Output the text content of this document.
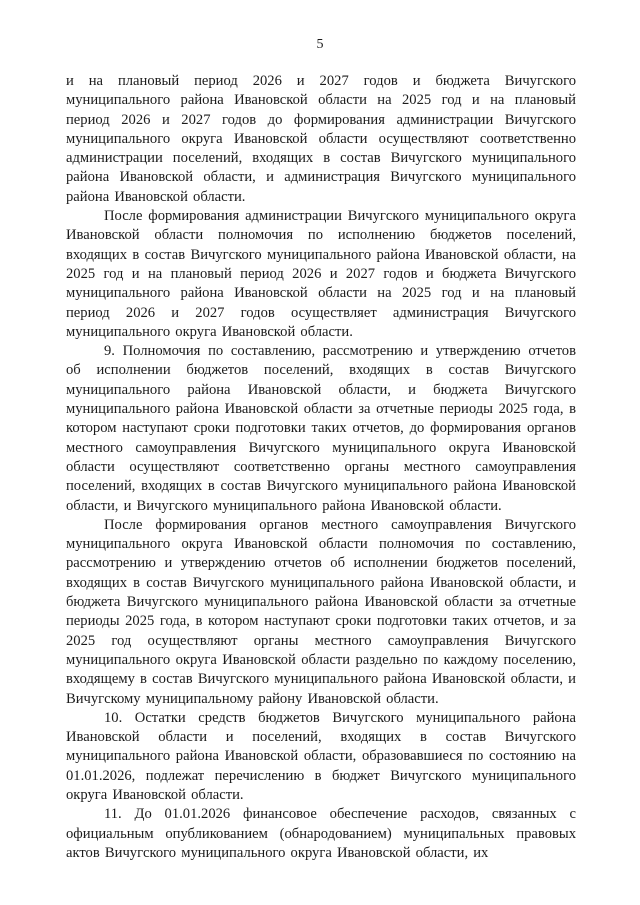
5

и на плановый период 2026 и 2027 годов и бюджета Вичугского муниципального района Ивановской области на 2025 год и на плановый период 2026 и 2027 годов до формирования администрации Вичугского муниципального округа Ивановской области осуществляют соответственно администрации поселений, входящих в состав Вичугского муниципального района Ивановской области, и администрация Вичугского муниципального района Ивановской области.

После формирования администрации Вичугского муниципального округа Ивановской области полномочия по исполнению бюджетов поселений, входящих в состав Вичугского муниципального района Ивановской области, на 2025 год и на плановый период 2026 и 2027 годов и бюджета Вичугского муниципального района Ивановской области на 2025 год и на плановый период 2026 и 2027 годов осуществляет администрация Вичугского муниципального округа Ивановской области.

9. Полномочия по составлению, рассмотрению и утверждению отчетов об исполнении бюджетов поселений, входящих в состав Вичугского муниципального района Ивановской области, и бюджета Вичугского муниципального района Ивановской области за отчетные периоды 2025 года, в котором наступают сроки подготовки таких отчетов, до формирования органов местного самоуправления Вичугского муниципального округа Ивановской области осуществляют соответственно органы местного самоуправления поселений, входящих в состав Вичугского муниципального района Ивановской области, и Вичугского муниципального района Ивановской области.

После формирования органов местного самоуправления Вичугского муниципального округа Ивановской области полномочия по составлению, рассмотрению и утверждению отчетов об исполнении бюджетов поселений, входящих в состав Вичугского муниципального района Ивановской области, и бюджета Вичугского муниципального района Ивановской области за отчетные периоды 2025 года, в котором наступают сроки подготовки таких отчетов, и за 2025 год осуществляют органы местного самоуправления Вичугского муниципального округа Ивановской области раздельно по каждому поселению, входящему в состав Вичугского муниципального района Ивановской области, и Вичугскому муниципальному району Ивановской области.

10. Остатки средств бюджетов Вичугского муниципального района Ивановской области и поселений, входящих в состав Вичугского муниципального района Ивановской области, образовавшиеся по состоянию на 01.01.2026, подлежат перечислению в бюджет Вичугского муниципального округа Ивановской области.

11. До 01.01.2026 финансовое обеспечение расходов, связанных с официальным опубликованием (обнародованием) муниципальных правовых актов Вичугского муниципального округа Ивановской области, их
